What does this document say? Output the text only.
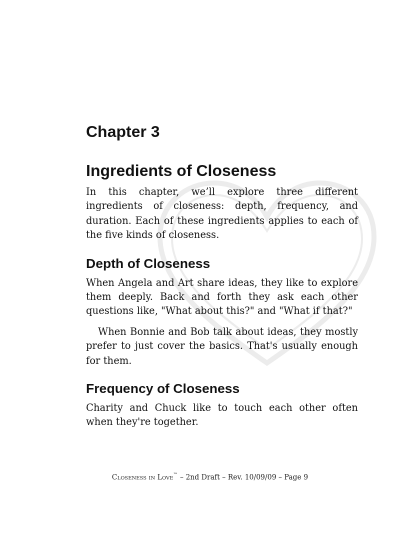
Chapter 3
Ingredients of Closeness

In this chapter, we’ll explore three different ingredients of closeness: depth, frequency, and duration. Each of these ingredients applies to each of the five kinds of closeness.

Depth of Closeness

When Angela and Art share ideas, they like to explore them deeply. Back and forth they ask each other questions like, "What about this?" and "What if that?"

When Bonnie and Bob talk about ideas, they mostly prefer to just cover the basics. That's usually enough for them.

Frequency of Closeness

Charity and Chuck like to touch each other often when they're together.

Closeness in Love™ – 2nd Draft – Rev. 10/09/09 – Page 9
